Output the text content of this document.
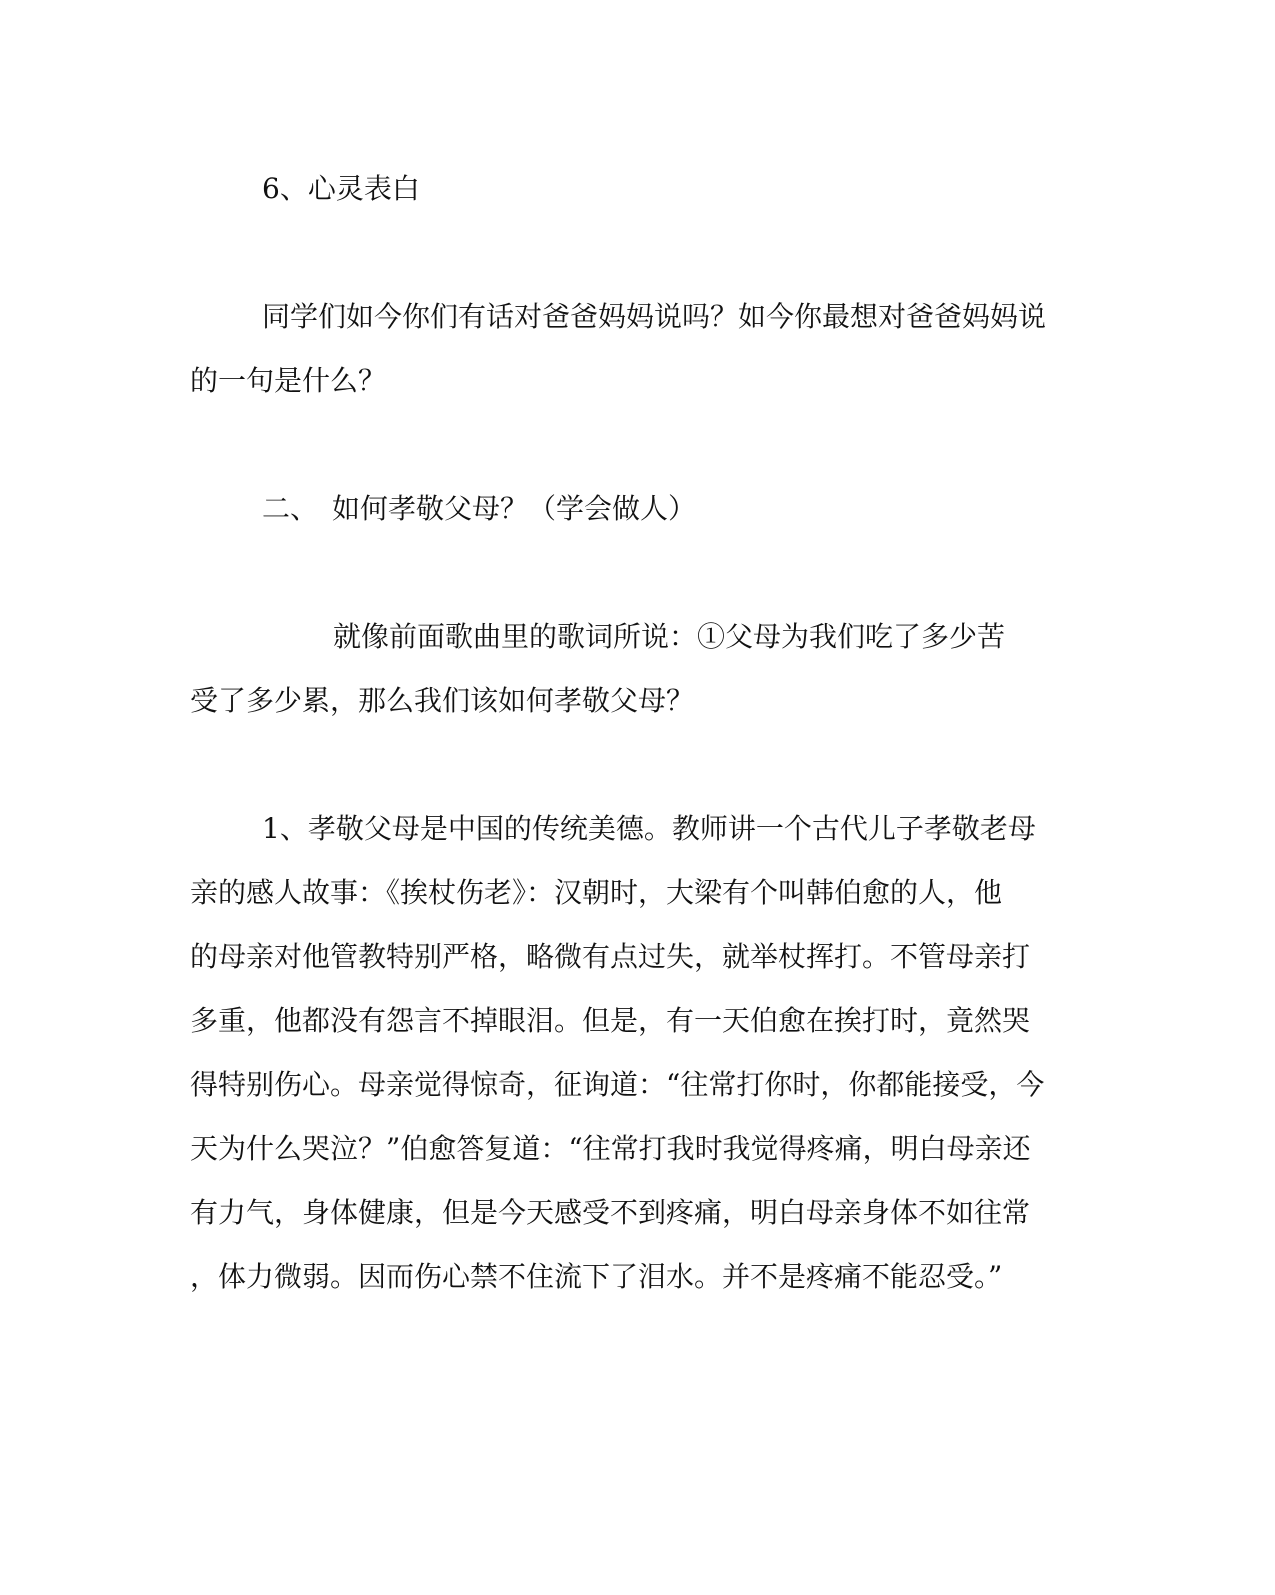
6、心灵表白
同学们如今你们有话对爸爸妈妈说吗？如今你最想对爸爸妈妈说
的一句是什么？
二、　如何孝敬父母？（学会做人）
就像前面歌曲里的歌词所说：①父母为我们吃了多少苦
受了多少累，那么我们该如何孝敬父母？
1、孝敬父母是中国的传统美德。教师讲一个古代儿子孝敬老母
亲的感人故事：《挨杖伤老》：汉朝时，大梁有个叫韩伯愈的人，他
的母亲对他管教特别严格，略微有点过失，就举杖挥打。不管母亲打
多重，他都没有怨言不掉眼泪。但是，有一天伯愈在挨打时，竟然哭
得特别伤心。母亲觉得惊奇，征询道：“往常打你时，你都能接受，今
天为什么哭泣？”伯愈答复道：“往常打我时我觉得疼痛，明白母亲还
有力气，身体健康，但是今天感受不到疼痛，明白母亲身体不如往常
，体力微弱。因而伤心禁不住流下了泪水。并不是疼痛不能忍受。”
